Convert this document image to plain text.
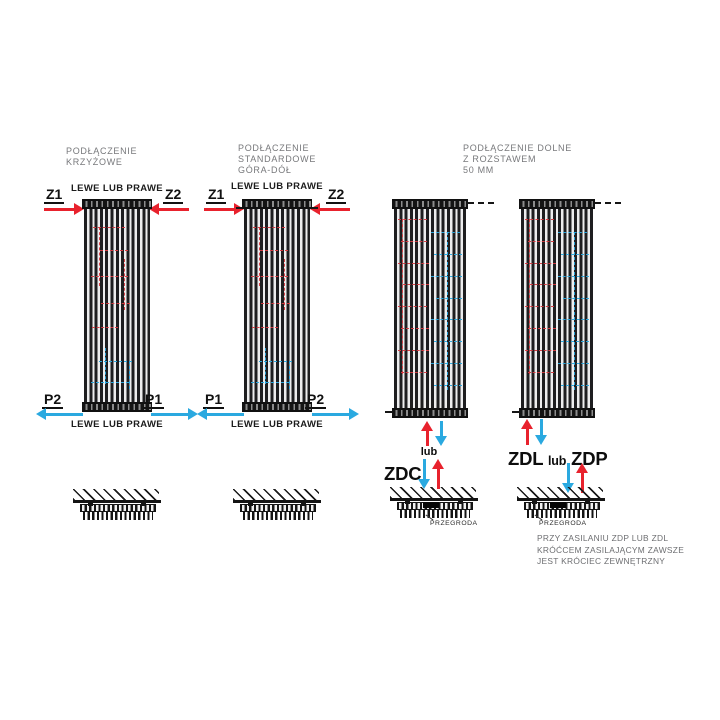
PODŁĄCZENIE
KRZYŻOWE
LEWE LUB PRAWE
Z1	Z2
P2	P1
LEWE LUB PRAWE
PODŁĄCZENIE
STANDARDOWE
GÓRA-DÓŁ
LEWE LUB PRAWE
Z1	Z2
P1	P2
LEWE LUB PRAWE
PODŁĄCZENIE DOLNE
Z ROZSTAWEM
50 MM
lub
ZDC
PRZEGRODA
ZDL lub ZDP
PRZEGRODA
PRZY ZASILANIU ZDP LUB ZDL
KRÓĆCEM ZASILAJĄCYM ZAWSZE
JEST KRÓCIEC ZEWNĘTRZNY
